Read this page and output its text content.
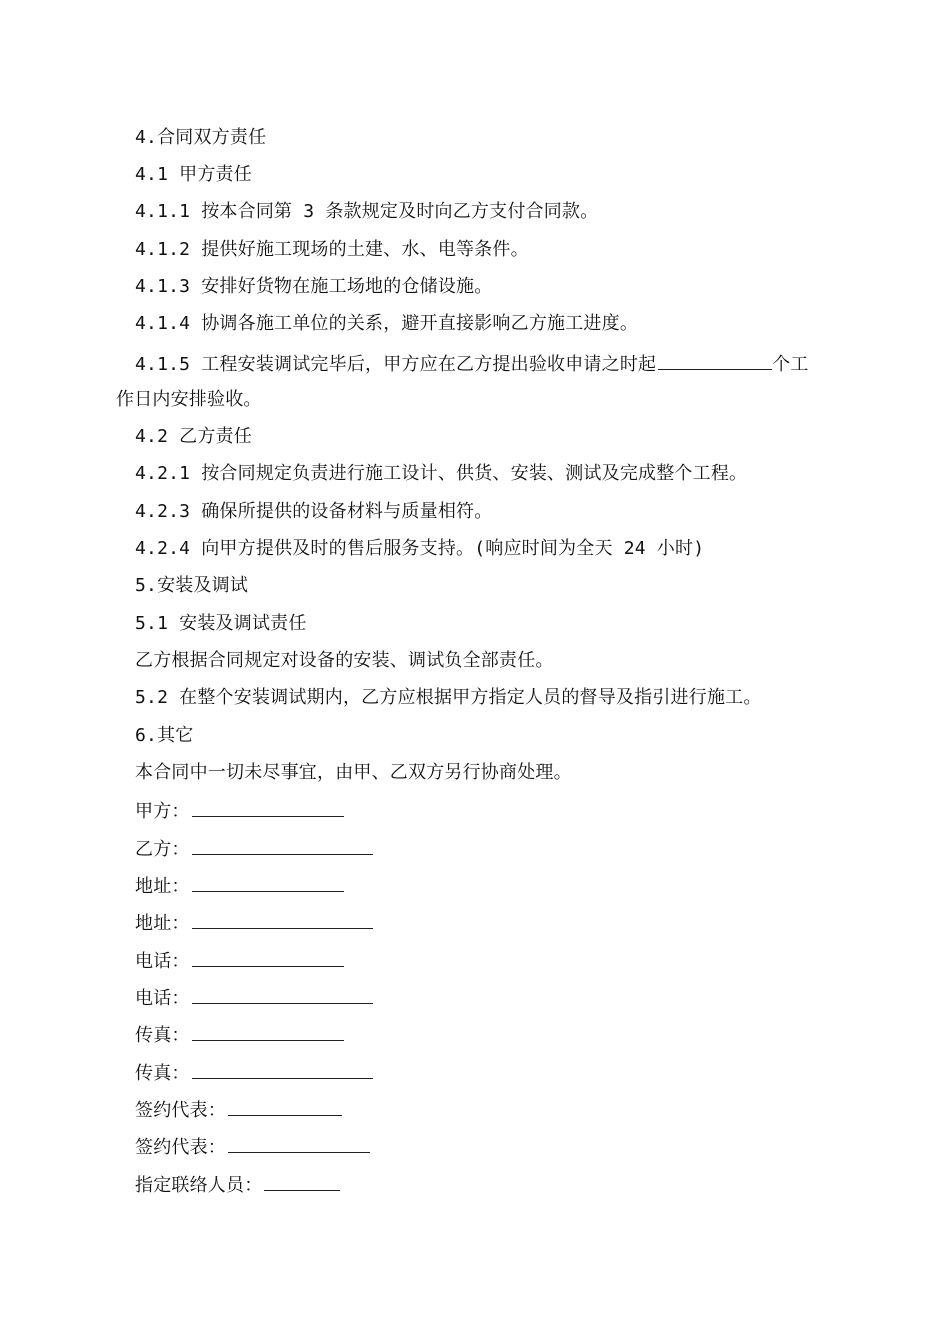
4.合同双方责任
4.1 甲方责任
4.1.1 按本合同第 3 条款规定及时向乙方支付合同款。
4.1.2 提供好施工现场的土建、水、电等条件。
4.1.3 安排好货物在施工场地的仓储设施。
4.1.4 协调各施工单位的关系，避开直接影响乙方施工进度。
4.1.5 工程安装调试完毕后，甲方应在乙方提出验收申请之时起	个工
作日内安排验收。
4.2 乙方责任
4.2.1 按合同规定负责进行施工设计、供货、安装、测试及完成整个工程。
4.2.3 确保所提供的设备材料与质量相符。
4.2.4 向甲方提供及时的售后服务支持。(响应时间为全天 24 小时)
5.安装及调试
5.1 安装及调试责任
乙方根据合同规定对设备的安装、调试负全部责任。
5.2 在整个安装调试期内，乙方应根据甲方指定人员的督导及指引进行施工。
6.其它
本合同中一切未尽事宜，由甲、乙双方另行协商处理。
甲方：
乙方：
地址：
地址：
电话：
电话：
传真：
传真：
签约代表：
签约代表：
指定联络人员：
